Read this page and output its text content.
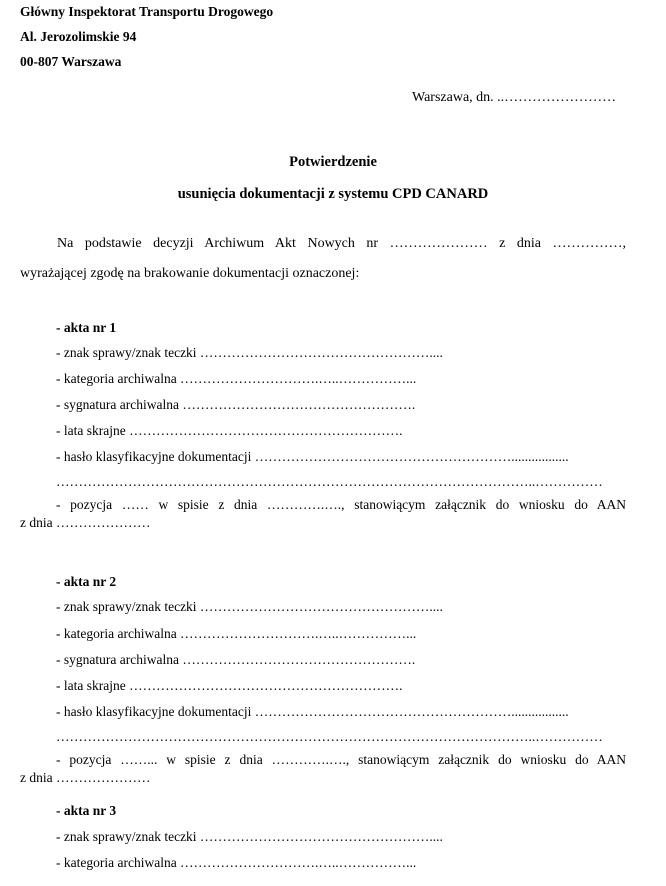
Główny Inspektorat Transportu Drogowego
Al. Jerozolimskie 94
00-807 Warszawa
Warszawa, dn. ..……………………
Potwierdzenie
usunięcia dokumentacji z systemu CPD CANARD
Na podstawie decyzji Archiwum Akt Nowych nr ………………… z dnia ……………,
wyrażającej zgodę na brakowanie dokumentacji oznaczonej:
- akta nr 1
- znak sprawy/znak teczki ……………………………………………....
- kategoria archiwalna ………………………….…..……………...
- sygnatura archiwalna …………………………………………….
- lata skrajne …………………………………………………….
- hasło klasyfikacyjne dokumentacji ………………………………………………….................
……………………………………………………………………………………………..……………
- pozycja …… w spisie z dnia ………….…., stanowiącym załącznik do wniosku do AAN
z dnia …………………
- akta nr 2
- znak sprawy/znak teczki ……………………………………………....
- kategoria archiwalna ………………………….…..……………...
- sygnatura archiwalna …………………………………………….
- lata skrajne …………………………………………………….
- hasło klasyfikacyjne dokumentacji ………………………………………………….................
……………………………………………………………………………………………..……………
- pozycja ……... w spisie z dnia ………….…., stanowiącym załącznik do wniosku do AAN
z dnia …………………
- akta nr 3
- znak sprawy/znak teczki ……………………………………………....
- kategoria archiwalna ………………………….…..……………...
